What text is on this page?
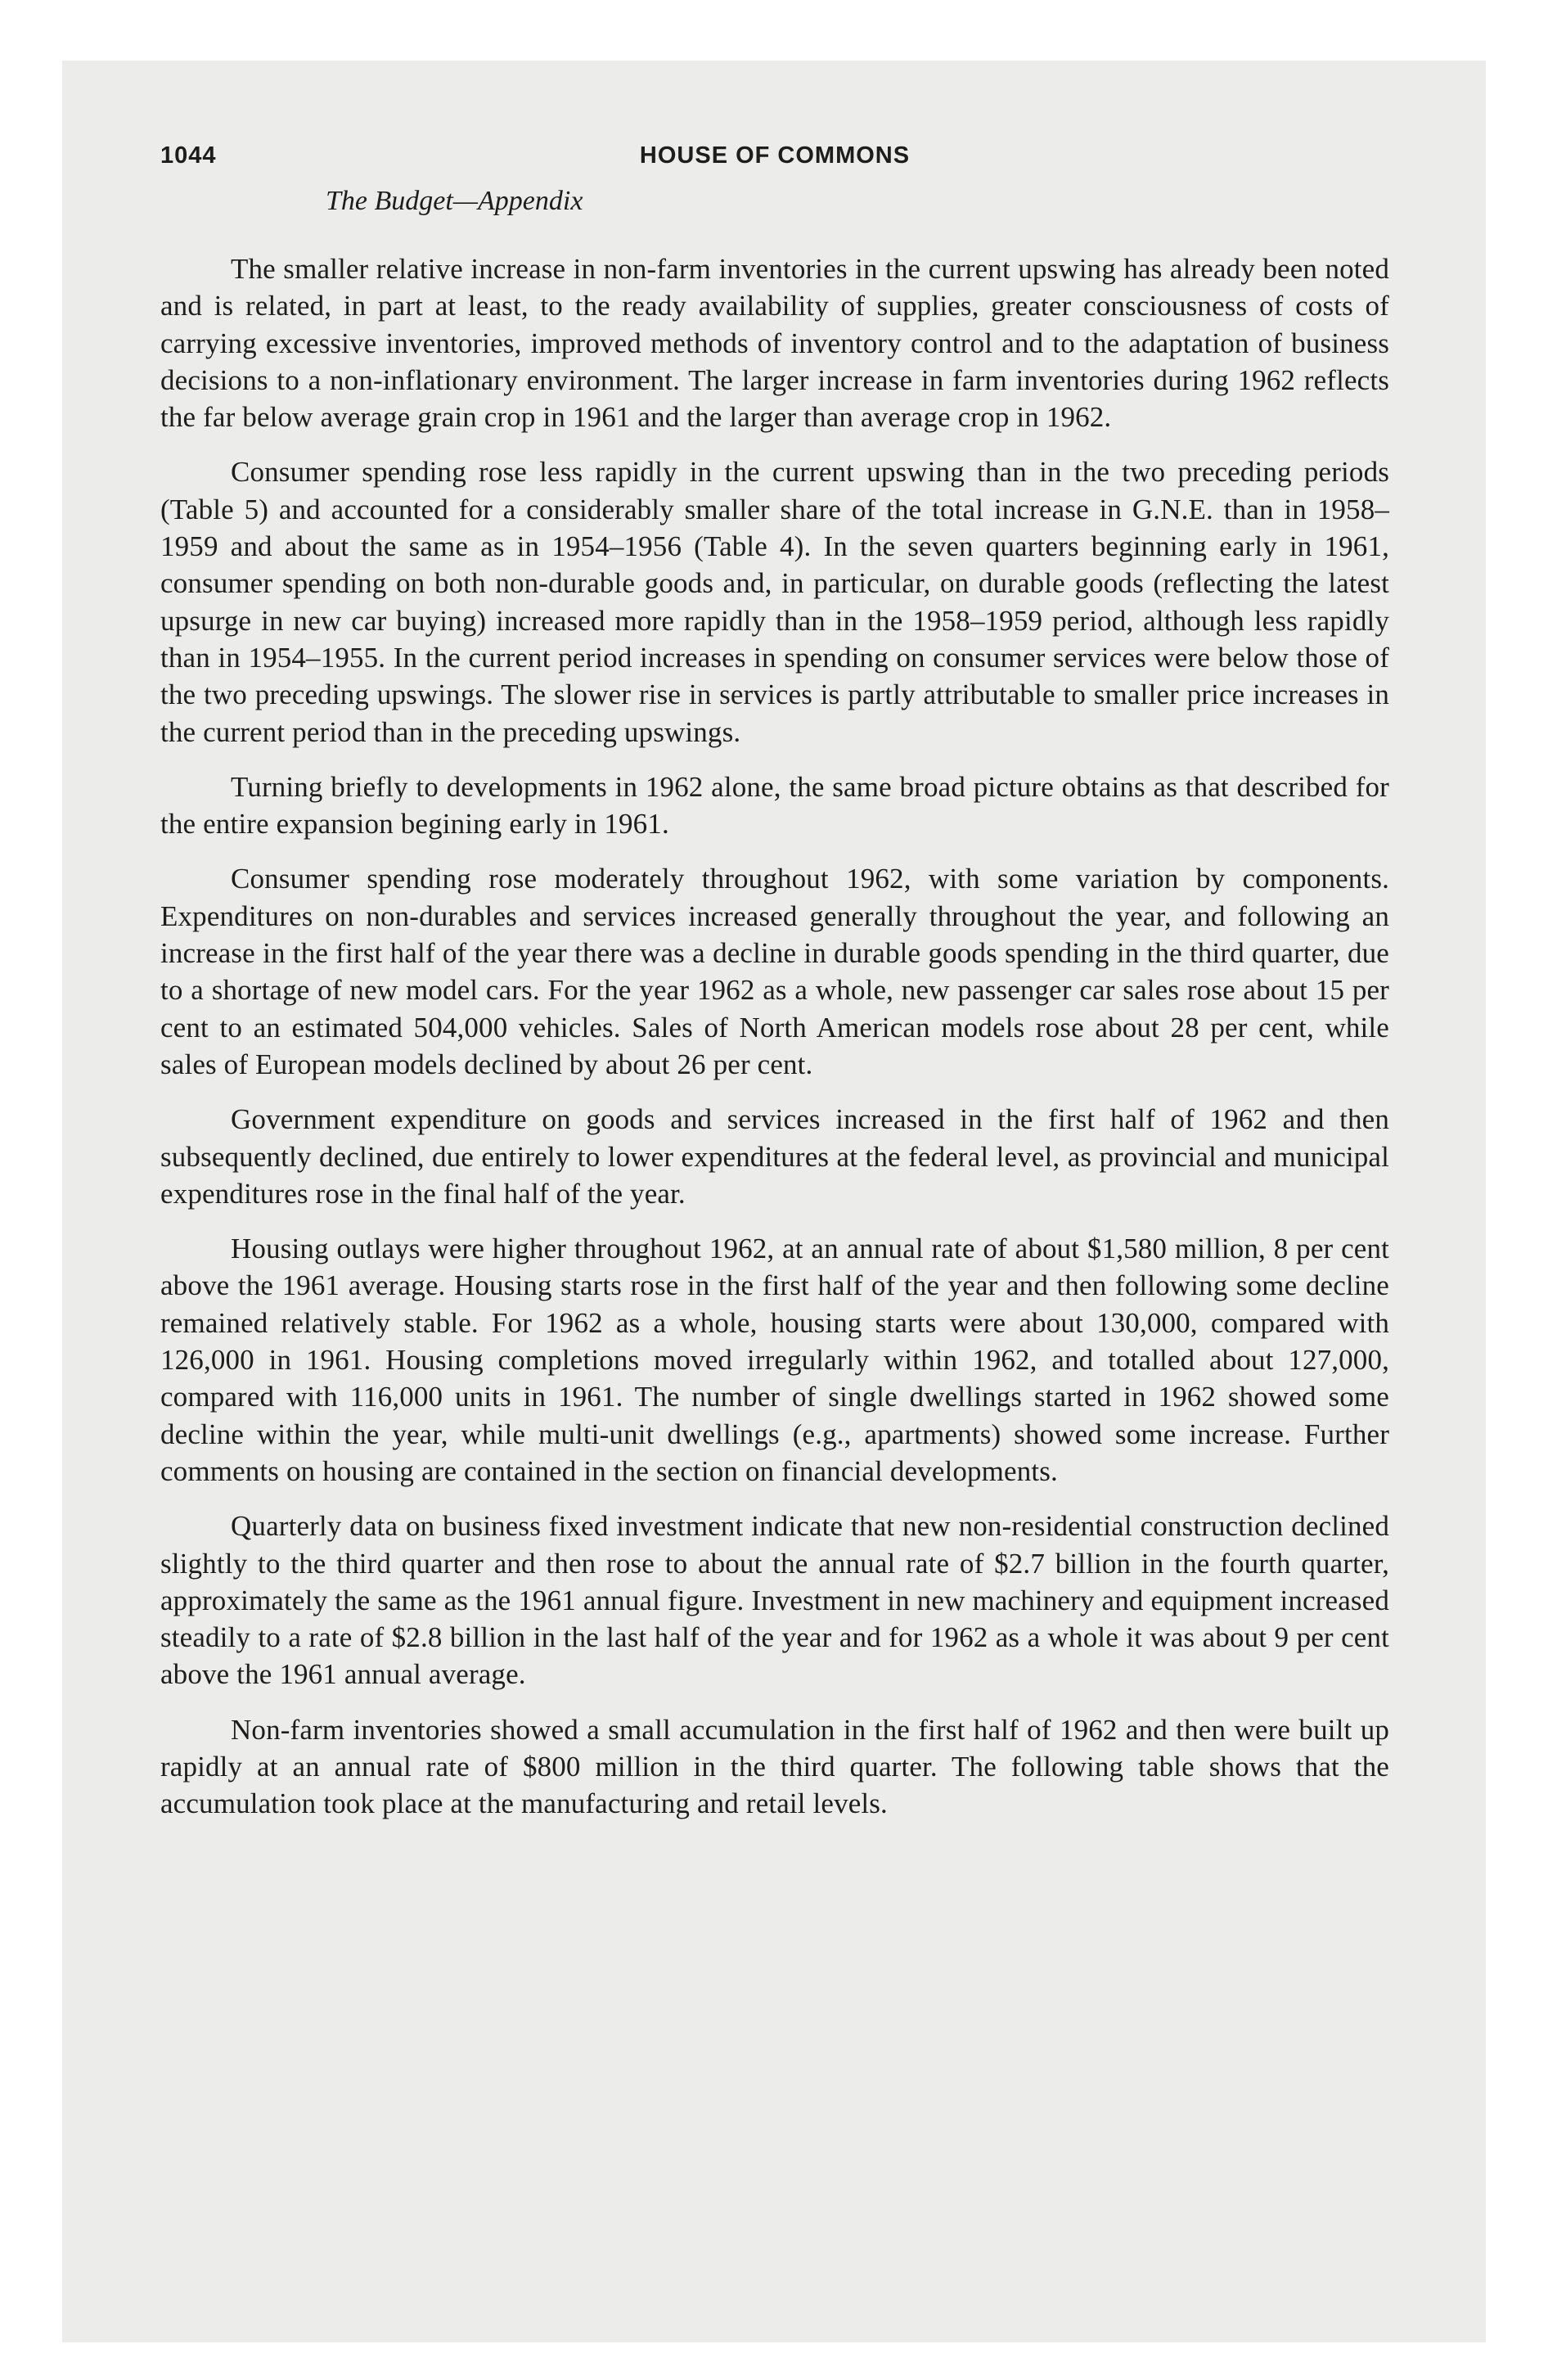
1044	HOUSE OF COMMONS
The Budget—Appendix

The smaller relative increase in non-farm inventories in the current upswing has already been noted and is related, in part at least, to the ready availability of supplies, greater consciousness of costs of carrying excessive inventories, improved methods of inventory control and to the adaptation of business decisions to a non-inflationary environment. The larger increase in farm inventories during 1962 reflects the far below average grain crop in 1961 and the larger than average crop in 1962.

Consumer spending rose less rapidly in the current upswing than in the two preceding periods (Table 5) and accounted for a considerably smaller share of the total increase in G.N.E. than in 1958–1959 and about the same as in 1954–1956 (Table 4). In the seven quarters beginning early in 1961, consumer spending on both non-durable goods and, in particular, on durable goods (reflecting the latest upsurge in new car buying) increased more rapidly than in the 1958–1959 period, although less rapidly than in 1954–1955. In the current period increases in spending on consumer services were below those of the two preceding upswings. The slower rise in services is partly attributable to smaller price increases in the current period than in the preceding upswings.

Turning briefly to developments in 1962 alone, the same broad picture obtains as that described for the entire expansion begining early in 1961.

Consumer spending rose moderately throughout 1962, with some variation by components. Expenditures on non-durables and services increased generally throughout the year, and following an increase in the first half of the year there was a decline in durable goods spending in the third quarter, due to a shortage of new model cars. For the year 1962 as a whole, new passenger car sales rose about 15 per cent to an estimated 504,000 vehicles. Sales of North American models rose about 28 per cent, while sales of European models declined by about 26 per cent.

Government expenditure on goods and services increased in the first half of 1962 and then subsequently declined, due entirely to lower expenditures at the federal level, as provincial and municipal expenditures rose in the final half of the year.

Housing outlays were higher throughout 1962, at an annual rate of about $1,580 million, 8 per cent above the 1961 average. Housing starts rose in the first half of the year and then following some decline remained relatively stable. For 1962 as a whole, housing starts were about 130,000, compared with 126,000 in 1961. Housing completions moved irregularly within 1962, and totalled about 127,000, compared with 116,000 units in 1961. The number of single dwellings started in 1962 showed some decline within the year, while multi-unit dwellings (e.g., apartments) showed some increase. Further comments on housing are contained in the section on financial developments.

Quarterly data on business fixed investment indicate that new non-residential construction declined slightly to the third quarter and then rose to about the annual rate of $2.7 billion in the fourth quarter, approximately the same as the 1961 annual figure. Investment in new machinery and equipment increased steadily to a rate of $2.8 billion in the last half of the year and for 1962 as a whole it was about 9 per cent above the 1961 annual average.

Non-farm inventories showed a small accumulation in the first half of 1962 and then were built up rapidly at an annual rate of $800 million in the third quarter. The following table shows that the accumulation took place at the manufacturing and retail levels.
